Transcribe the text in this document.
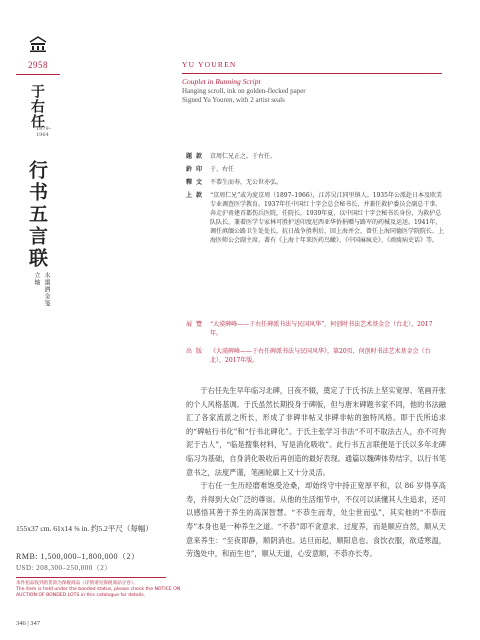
2958
于右任
1879–1964
行书五言联
立轴 水墨洒金笺
YU YOUREN
Couplet in Running Script
Hanging scroll, ink on golden-flecked paper
Signed Yu Youren, with 2 artist seals
題款 京周仁兄正之。于右任。
鈐印 于、右任
釋文 不恭生而寿，无公世亦弘。
上款 “京周仁兄”或为庞京周（1897–1966），江苏吴江同里镇人。1935年公派赴日本及欧美专业调查医学教育。1937年任中国红十字会总会秘书长，并兼任救护委员会副总干事。奔走沪甬建首都伤兵医院，任院长。1939年夏，以中国红十字会秘书长身份，为救护总队队长，兼着医学专家林可胜护送印度尼西亚华侨捐赠与路军的药械及运送。1941年，调任滇缅公路卫生处处长，抗日战争胜利后，回上海并会，曾任上海同德医学院院长、上海医师公会副主席。著有《上海十年来医药鸟瞰》、《中国麻疯史》、《顽痰病史话》等。
展覽 “大漠碑峰——于右任碑派书法与民国风华”，何创时书法艺术基金会（台北），2017年。
出版 《大漠碑峰——于右任碑派书法与民国风华》，第20页，何创时书法艺术基金会（台北），2017年版。

于右任先生早年临习北碑，日夜不辍，奠定了于氏书法上坚实宽厚、笔画开张的个人风格基调。于氏虽然长期投身于碑版，但与唐末碑题书家不同，他的书法融汇了各家流派之所长，形成了非碑非帖又非碑非帖的独特风格。即于氏所追求的“碑帖行书化”和“行书北碑化”。于氏主张学习书法“不可不取法古人，亦不可拘泥于古人”，“临是搜集材料，写是消化吸收”。此行书五言联便是于氏以多年北碑临习为基础，自身消化吸收后再创造的最好表现。通篇以魏碑体势结字，以行书笔意书之，法度严谨，笔画轮廓上又十分灵活。

于右任一生历经磨难饱受沧桑，却始终守中持正宽厚平和，以 86 岁得享高寿，并得到大众广泛的尊崇。从他的生活细节中，不仅可以读懂其人生追求，还可以感悟其善于养生的高深智慧。“不恭生而寿，处尘世而弘”，其实他的“不恭而寿”本身也是一种养生之道。“不恭”即不贪意求、过度养，而是顺应自然，顺从天意来养生：“至夜即静，顺阴消也。达旦而起，顺阳息也。食饮衣服，欲适寒温，劳逸处中，和而生也”，顺从天道，心安意顺，不恭亦长寿。

155x37 cm. 61x14 ⅝ in. 约5.2平尺（每幅）
RMB: 1,500,000–1,800,000（2）
USD: 208,300–250,000（2）
本件拍品收到的货款为保税商品（详情请见保税商品分卷）。
The item is held under the bonded status, please check the NOTICE ON AUCTION OF BONDED LOTS in this catalogue for details.
346 | 347
